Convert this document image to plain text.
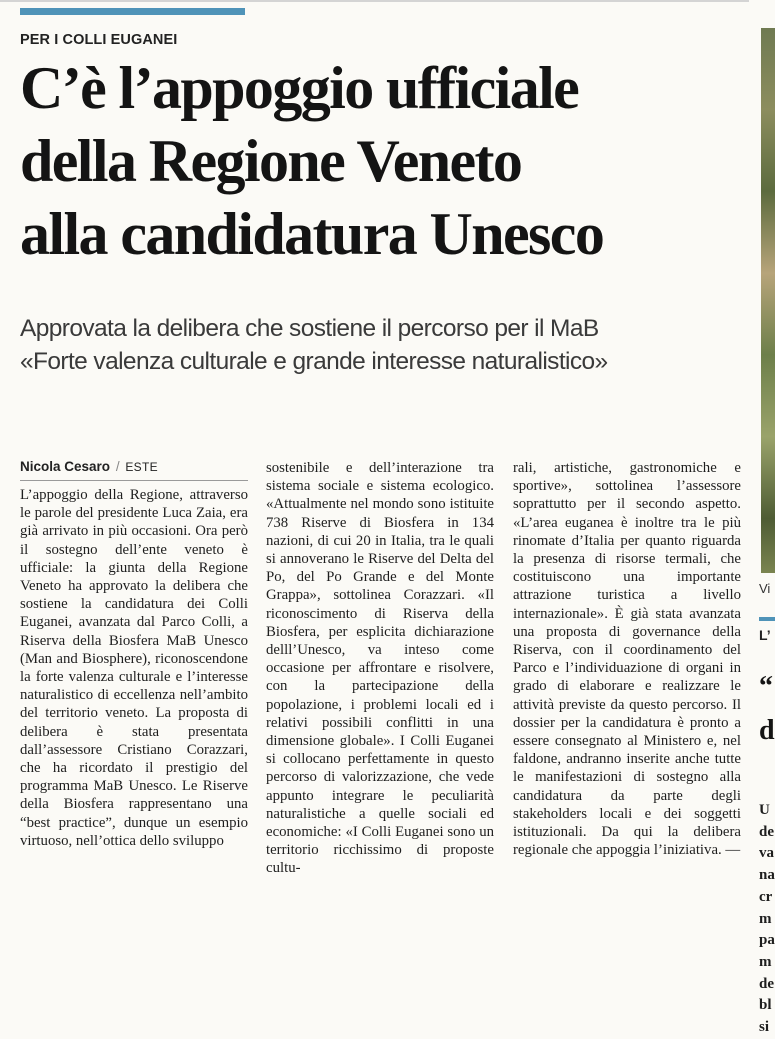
PER I COLLI EUGANEI
C’è l’appoggio ufficiale
della Regione Veneto
alla candidatura Unesco
Approvata la delibera che sostiene il percorso per il MaB
«Forte valenza culturale e grande interesse naturalistico»
Nicola Cesaro / ESTE

L’appoggio della Regione, attraverso le parole del presidente Luca Zaia, era già arrivato in più occasioni. Ora però il sostegno dell’ente veneto è ufficiale: la giunta della Regione Veneto ha approvato la delibera che sostiene la candidatura dei Colli Euganei, avanzata dal Parco Colli, a Riserva della Biosfera MaB Unesco (Man and Biosphere), riconoscendone la forte valenza culturale e l’interesse naturalistico di eccellenza nell’ambito del territorio veneto. La proposta di delibera è stata presentata dall’assessore Cristiano Corazzari, che ha ricordato il prestigio del programma MaB Unesco. Le Riserve della Biosfera rappresentano una “best practice”, dunque un esempio virtuoso, nell’ottica dello sviluppo

sostenibile e dell’interazione tra sistema sociale e sistema ecologico. «Attualmente nel mondo sono istituite 738 Riserve di Biosfera in 134 nazioni, di cui 20 in Italia, tra le quali si annoverano le Riserve del Delta del Po, del Po Grande e del Monte Grappa», sottolinea Corazzari. «Il riconoscimento di Riserva della Biosfera, per esplicita dichiarazione delll’Unesco, va inteso come occasione per affrontare e risolvere, con la partecipazione della popolazione, i problemi locali ed i relativi possibili conflitti in una dimensione globale». I Colli Euganei si collocano perfettamente in questo percorso di valorizzazione, che vede appunto integrare le peculiarità naturalistiche a quelle sociali ed economiche: «I Colli Euganei sono un territorio ricchissimo di proposte cultu-

rali, artistiche, gastronomiche e sportive», sottolinea l’assessore soprattutto per il secondo aspetto. «L’area euganea è inoltre tra le più rinomate d’Italia per quanto riguarda la presenza di risorse termali, che costituiscono una importante attrazione turistica a livello internazionale». È già stata avanzata una proposta di governance della Riserva, con il coordinamento del Parco e l’individuazione di organi in grado di elaborare e realizzare le attività previste da questo percorso. Il dossier per la candidatura è pronto a essere consegnato al Ministero e, nel faldone, andranno inserite anche tutte le manifestazioni di sostegno alla candidatura da parte degli stakeholders locali e dei soggetti istituzionali. Da qui la delibera regionale che appoggia l’iniziativa. —

Vi
L’
“
d
U
de
va
na
cr
m
pa
m
de
bl
si
